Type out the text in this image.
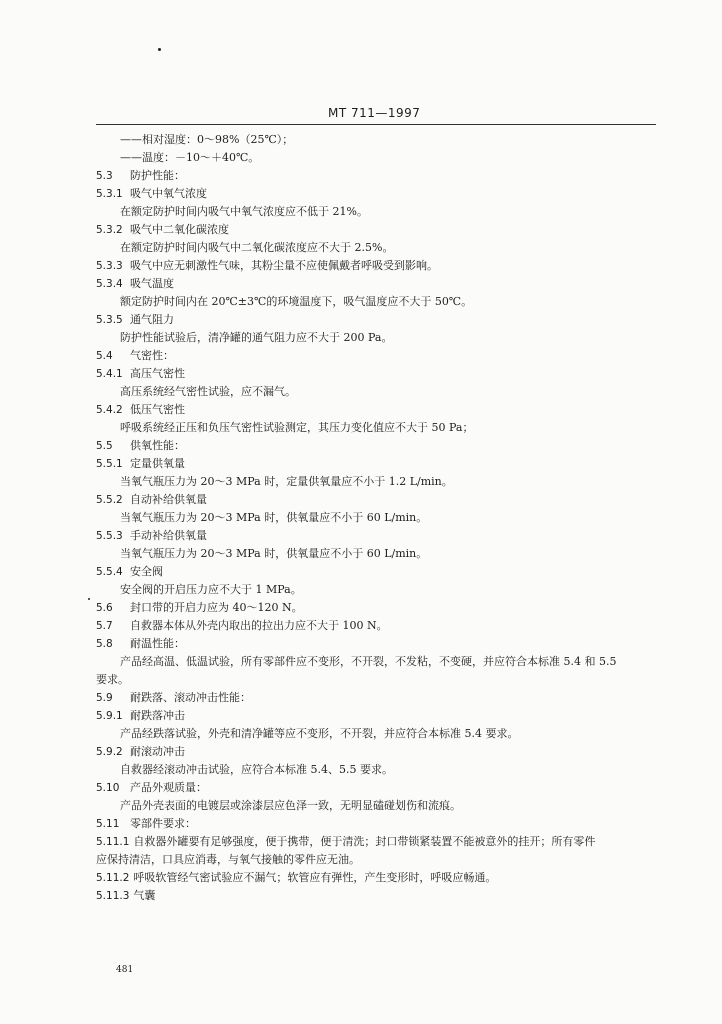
MT 711—1997
——相对湿度：0～98%（25℃）；
——温度：－10～＋40℃。
5.3 防护性能：
5.3.1 吸气中氧气浓度
在额定防护时间内吸气中氧气浓度应不低于 21%。
5.3.2 吸气中二氧化碳浓度
在额定防护时间内吸气中二氧化碳浓度应不大于 2.5%。
5.3.3 吸气中应无刺激性气味，其粉尘量不应使佩戴者呼吸受到影响。
5.3.4 吸气温度
额定防护时间内在 20℃±3℃的环境温度下，吸气温度应不大于 50℃。
5.3.5 通气阻力
防护性能试验后，清净罐的通气阻力应不大于 200 Pa。
5.4 气密性：
5.4.1 高压气密性
高压系统经气密性试验，应不漏气。
5.4.2 低压气密性
呼吸系统经正压和负压气密性试验测定，其压力变化值应不大于 50 Pa；
5.5 供氧性能：
5.5.1 定量供氧量
当氧气瓶压力为 20～3 MPa 时，定量供氧量应不小于 1.2 L/min。
5.5.2 自动补给供氧量
当氧气瓶压力为 20～3 MPa 时，供氧量应不小于 60 L/min。
5.5.3 手动补给供氧量
当氧气瓶压力为 20～3 MPa 时，供氧量应不小于 60 L/min。
5.5.4 安全阀
安全阀的开启压力应不大于 1 MPa。
5.6 封口带的开启力应为 40～120 N。
5.7 自救器本体从外壳内取出的拉出力应不大于 100 N。
5.8 耐温性能：
产品经高温、低温试验，所有零部件应不变形，不开裂，不发粘，不变硬，并应符合本标准 5.4 和 5.5
要求。
5.9 耐跌落、滚动冲击性能：
5.9.1 耐跌落冲击
产品经跌落试验，外壳和清净罐等应不变形，不开裂，并应符合本标准 5.4 要求。
5.9.2 耐滚动冲击
自救器经滚动冲击试验，应符合本标准 5.4、5.5 要求。
5.10 产品外观质量：
产品外壳表面的电镀层或涂漆层应色泽一致，无明显磕碰划伤和流痕。
5.11 零部件要求：
5.11.1 自救器外罐要有足够强度，便于携带，便于清洗；封口带锁紧装置不能被意外的挂开；所有零件
应保持清洁，口具应消毒，与氧气接触的零件应无油。
5.11.2 呼吸软管经气密试验应不漏气；软管应有弹性，产生变形时，呼吸应畅通。
5.11.3 气囊
481
